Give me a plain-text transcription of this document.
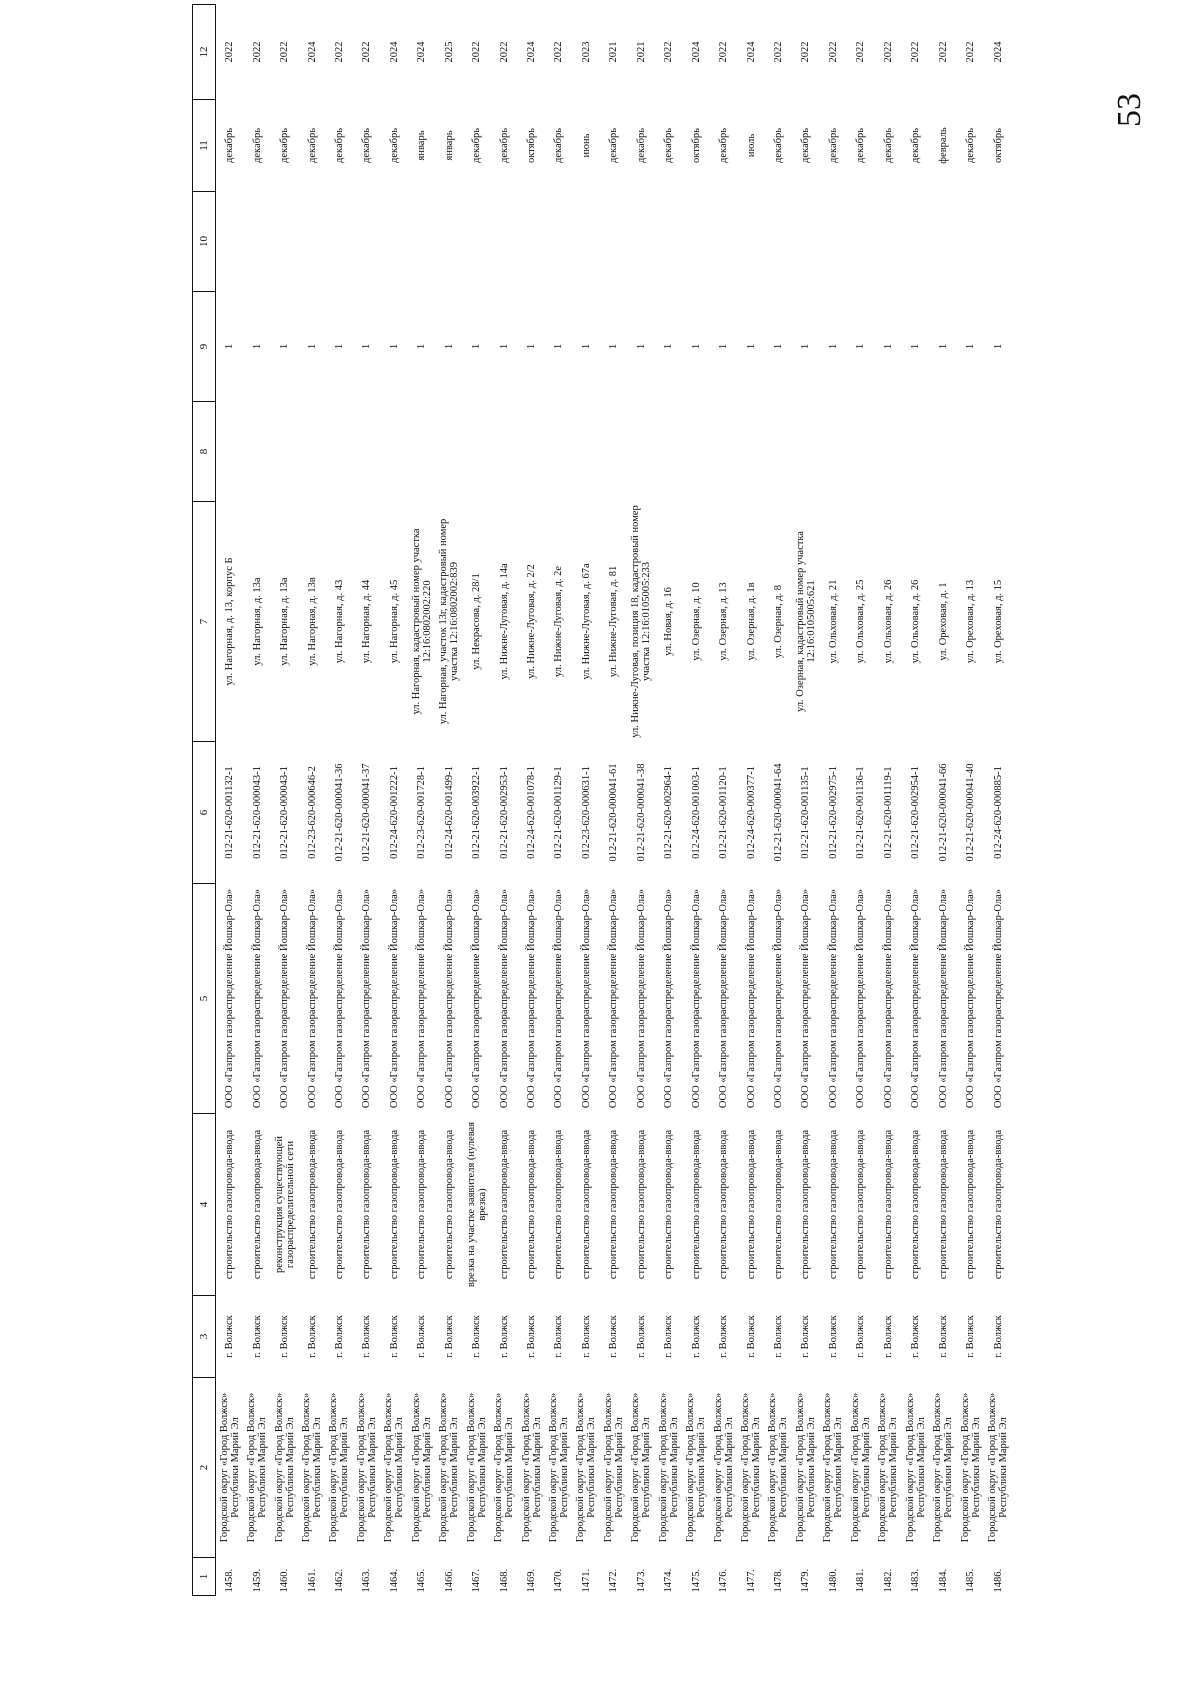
53
1	2	3	4	5	6	7	8	9	10	11	12
1458.	Городской округ «Город Волжск» Республики Марий Эл	г. Волжск	строительство газопровода-ввода	ООО «Газпром газораспределение Йошкар-Ола»	012-21-620-001132-1	ул. Нагорная, д. 13, корпус Б		1		декабрь	2022
1459.	Городской округ «Город Волжск» Республики Марий Эл	г. Волжск	строительство газопровода-ввода	ООО «Газпром газораспределение Йошкар-Ола»	012-21-620-000043-1	ул. Нагорная, д. 13а		1		декабрь	2022
1460.	Городской округ «Город Волжск» Республики Марий Эл	г. Волжск	реконструкция существующей газораспределительной сети	ООО «Газпром газораспределение Йошкар-Ола»	012-21-620-000043-1	ул. Нагорная, д. 13а		1		декабрь	2022
1461.	Городской округ «Город Волжск» Республики Марий Эл	г. Волжск	строительство газопровода-ввода	ООО «Газпром газораспределение Йошкар-Ола»	012-23-620-000646-2	ул. Нагорная, д. 13в		1		декабрь	2024
1462.	Городской округ «Город Волжск» Республики Марий Эл	г. Волжск	строительство газопровода-ввода	ООО «Газпром газораспределение Йошкар-Ола»	012-21-620-000041-36	ул. Нагорная, д. 43		1		декабрь	2022
1463.	Городской округ «Город Волжск» Республики Марий Эл	г. Волжск	строительство газопровода-ввода	ООО «Газпром газораспределение Йошкар-Ола»	012-21-620-000041-37	ул. Нагорная, д. 44		1		декабрь	2022
1464.	Городской округ «Город Волжск» Республики Марий Эл	г. Волжск	строительство газопровода-ввода	ООО «Газпром газораспределение Йошкар-Ола»	012-24-620-001222-1	ул. Нагорная, д. 45		1		декабрь	2024
1465.	Городской округ «Город Волжск» Республики Марий Эл	г. Волжск	строительство газопровода-ввода	ООО «Газпром газораспределение Йошкар-Ола»	012-23-620-001728-1	ул. Нагорная, кадастровый номер участка 12:16:0802002:220		1		январь	2024
1466.	Городской округ «Город Волжск» Республики Марий Эл	г. Волжск	строительство газопровода-ввода	ООО «Газпром газораспределение Йошкар-Ола»	012-24-620-001499-1	ул. Нагорная, участок 13г, кадастровый номер участка 12:16:0802002:839		1		январь	2025
1467.	Городской округ «Город Волжск» Республики Марий Эл	г. Волжск	врезка на участке заявителя (нулевая врезка)	ООО «Газпром газораспределение Йошкар-Ола»	012-21-620-003922-1	ул. Некрасова, д. 28/1		1		декабрь	2022
1468.	Городской округ «Город Волжск» Республики Марий Эл	г. Волжск	строительство газопровода-ввода	ООО «Газпром газораспределение Йошкар-Ола»	012-21-620-002953-1	ул. Нижне-Луговая, д. 14а		1		декабрь	2022
1469.	Городской округ «Город Волжск» Республики Марий Эл	г. Волжск	строительство газопровода-ввода	ООО «Газпром газораспределение Йошкар-Ола»	012-24-620-001078-1	ул. Нижне-Луговая, д. 2/2		1		октябрь	2024
1470.	Городской округ «Город Волжск» Республики Марий Эл	г. Волжск	строительство газопровода-ввода	ООО «Газпром газораспределение Йошкар-Ола»	012-21-620-001129-1	ул. Нижне-Луговая, д. 2е		1		декабрь	2022
1471.	Городской округ «Город Волжск» Республики Марий Эл	г. Волжск	строительство газопровода-ввода	ООО «Газпром газораспределение Йошкар-Ола»	012-23-620-000631-1	ул. Нижне-Луговая, д. 67а		1		июнь	2023
1472.	Городской округ «Город Волжск» Республики Марий Эл	г. Волжск	строительство газопровода-ввода	ООО «Газпром газораспределение Йошкар-Ола»	012-21-620-000041-61	ул. Нижне-Луговая, д. 81		1		декабрь	2021
1473.	Городской округ «Город Волжск» Республики Марий Эл	г. Волжск	строительство газопровода-ввода	ООО «Газпром газораспределение Йошкар-Ола»	012-21-620-000041-38	ул. Нижне-Луговая, позиция 18, кадастровый номер участка 12:16:0105005:233		1		декабрь	2021
1474.	Городской округ «Город Волжск» Республики Марий Эл	г. Волжск	строительство газопровода-ввода	ООО «Газпром газораспределение Йошкар-Ола»	012-21-620-002964-1	ул. Новая, д. 16		1		декабрь	2022
1475.	Городской округ «Город Волжск» Республики Марий Эл	г. Волжск	строительство газопровода-ввода	ООО «Газпром газораспределение Йошкар-Ола»	012-24-620-001003-1	ул. Озерная, д. 10		1		октябрь	2024
1476.	Городской округ «Город Волжск» Республики Марий Эл	г. Волжск	строительство газопровода-ввода	ООО «Газпром газораспределение Йошкар-Ола»	012-21-620-001120-1	ул. Озерная, д. 13		1		декабрь	2022
1477.	Городской округ «Город Волжск» Республики Марий Эл	г. Волжск	строительство газопровода-ввода	ООО «Газпром газораспределение Йошкар-Ола»	012-24-620-000377-1	ул. Озерная, д. 1в		1		июль	2024
1478.	Городской округ «Город Волжск» Республики Марий Эл	г. Волжск	строительство газопровода-ввода	ООО «Газпром газораспределение Йошкар-Ола»	012-21-620-000041-64	ул. Озерная, д. 8		1		декабрь	2022
1479.	Городской округ «Город Волжск» Республики Марий Эл	г. Волжск	строительство газопровода-ввода	ООО «Газпром газораспределение Йошкар-Ола»	012-21-620-001135-1	ул. Озерная, кадастровый номер участка 12:16:0105005:621		1		декабрь	2022
1480.	Городской округ «Город Волжск» Республики Марий Эл	г. Волжск	строительство газопровода-ввода	ООО «Газпром газораспределение Йошкар-Ола»	012-21-620-002975-1	ул. Ольховая, д. 21		1		декабрь	2022
1481.	Городской округ «Город Волжск» Республики Марий Эл	г. Волжск	строительство газопровода-ввода	ООО «Газпром газораспределение Йошкар-Ола»	012-21-620-001136-1	ул. Ольховая, д. 25		1		декабрь	2022
1482.	Городской округ «Город Волжск» Республики Марий Эл	г. Волжск	строительство газопровода-ввода	ООО «Газпром газораспределение Йошкар-Ола»	012-21-620-001119-1	ул. Ольховая, д. 26		1		декабрь	2022
1483.	Городской округ «Город Волжск» Республики Марий Эл	г. Волжск	строительство газопровода-ввода	ООО «Газпром газораспределение Йошкар-Ола»	012-21-620-002954-1	ул. Ольховая, д. 26		1		декабрь	2022
1484.	Городской округ «Город Волжск» Республики Марий Эл	г. Волжск	строительство газопровода-ввода	ООО «Газпром газораспределение Йошкар-Ола»	012-21-620-000041-66	ул. Ореховая, д. 1		1		февраль	2022
1485.	Городской округ «Город Волжск» Республики Марий Эл	г. Волжск	строительство газопровода-ввода	ООО «Газпром газораспределение Йошкар-Ола»	012-21-620-000041-40	ул. Ореховая, д. 13		1		декабрь	2022
1486.	Городской округ «Город Волжск» Республики Марий Эл	г. Волжск	строительство газопровода-ввода	ООО «Газпром газораспределение Йошкар-Ола»	012-24-620-000885-1	ул. Ореховая, д. 15		1		октябрь	2024
